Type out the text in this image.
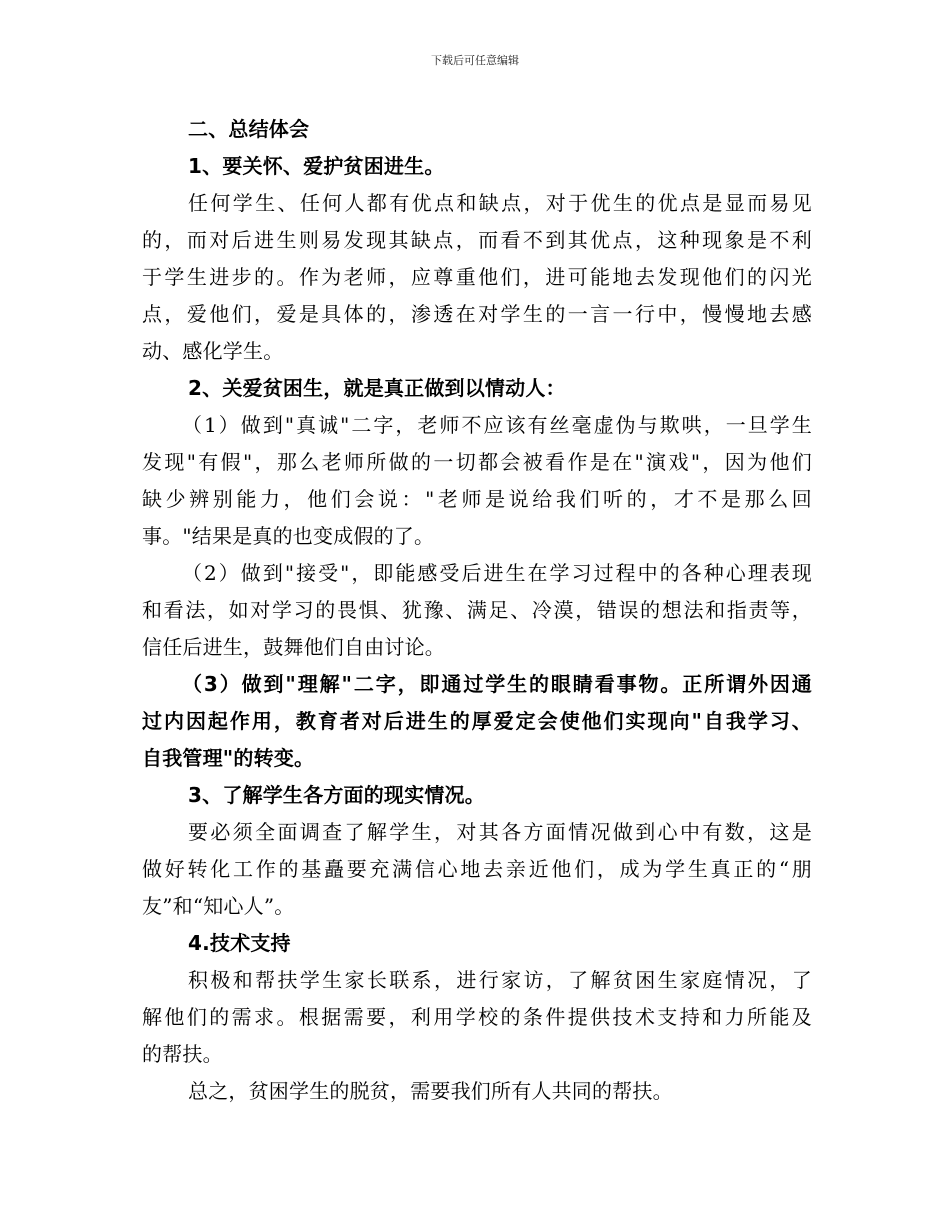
下载后可任意编辑
二、总结体会
1、要关怀、爱护贫困进生。
任何学生、任何人都有优点和缺点，对于优生的优点是显而易见
的，而对后进生则易发现其缺点，而看不到其优点，这种现象是不利
于学生进步的。作为老师，应尊重他们，进可能地去发现他们的闪光
点，爱他们，爱是具体的，渗透在对学生的一言一行中，慢慢地去感
动、感化学生。
2、关爱贫困生，就是真正做到以情动人：
（1）做到"真诚"二字，老师不应该有丝毫虚伪与欺哄，一旦学生
发现"有假"，那么老师所做的一切都会被看作是在"演戏"，因为他们
缺少辨别能力，他们会说："老师是说给我们听的，才不是那么回
事。"结果是真的也变成假的了。
（2）做到"接受"，即能感受后进生在学习过程中的各种心理表现
和看法，如对学习的畏惧、犹豫、满足、冷漠，错误的想法和指责等，
信任后进生，鼓舞他们自由讨论。
（3）做到"理解"二字，即通过学生的眼睛看事物。正所谓外因通
过内因起作用，教育者对后进生的厚爱定会使他们实现向"自我学习、
自我管理"的转变。
3、了解学生各方面的现实情况。
要必须全面调查了解学生，对其各方面情况做到心中有数，这是
做好转化工作的基矗要充满信心地去亲近他们，成为学生真正的“朋
友”和“知心人”。
4.技术支持
积极和帮扶学生家长联系，进行家访，了解贫困生家庭情况，了
解他们的需求。根据需要，利用学校的条件提供技术支持和力所能及
的帮扶。
总之，贫困学生的脱贫，需要我们所有人共同的帮扶。
